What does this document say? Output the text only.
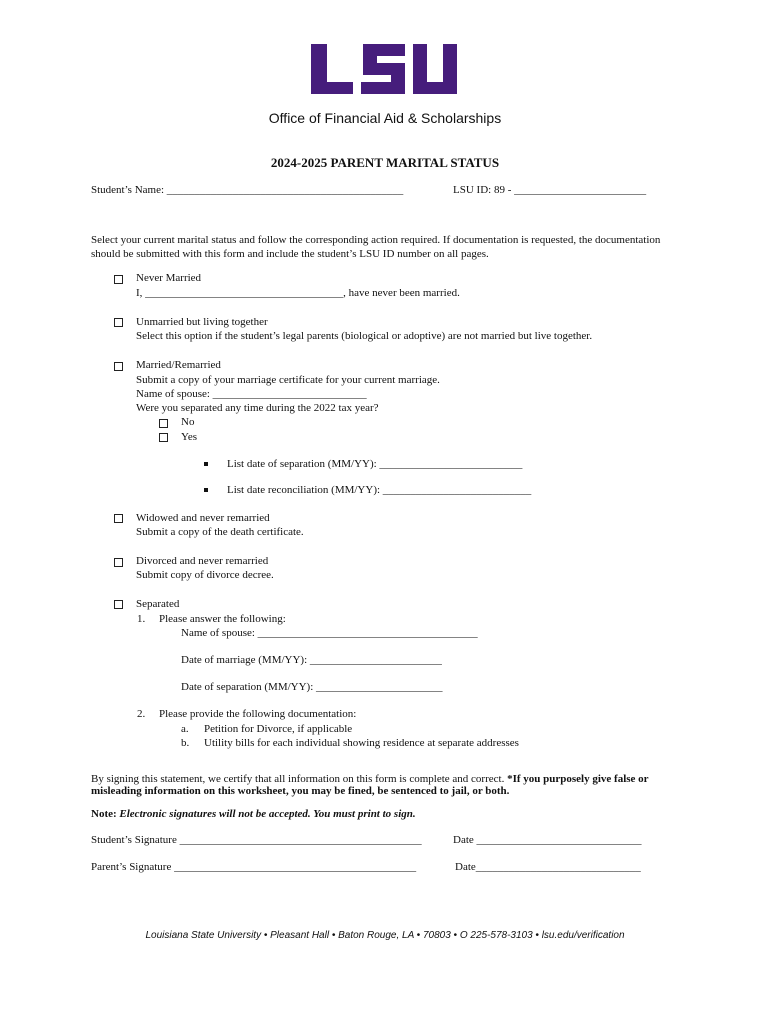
Office of Financial Aid & Scholarships
2024-2025 PARENT MARITAL STATUS
Student’s Name: ___________________________________________	LSU ID: 89 - ________________________
Select your current marital status and follow the corresponding action required. If documentation is requested, the documentation
should be submitted with this form and include the student’s LSU ID number on all pages.
Never Married
I, ____________________________________, have never been married.
Unmarried but living together
Select this option if the student’s legal parents (biological or adoptive) are not married but live together.
Married/Remarried
Submit a copy of your marriage certificate for your current marriage.
Name of spouse: ____________________________
Were you separated any time during the 2022 tax year?
No
Yes
List date of separation (MM/YY): __________________________
List date reconciliation (MM/YY): ___________________________
Widowed and never remarried
Submit a copy of the death certificate.
Divorced and never remarried
Submit copy of divorce decree.
Separated
1. Please answer the following:
Name of spouse: ________________________________________
Date of marriage (MM/YY): ________________________
Date of separation (MM/YY): _______________________
2. Please provide the following documentation:
a. Petition for Divorce, if applicable
b. Utility bills for each individual showing residence at separate addresses
By signing this statement, we certify that all information on this form is complete and correct. *If you purposely give false or
misleading information on this worksheet, you may be fined, be sentenced to jail, or both.
Note: Electronic signatures will not be accepted. You must print to sign.
Student’s Signature ____________________________________________	Date ______________________________
Parent’s Signature ____________________________________________	Date______________________________
Louisiana State University • Pleasant Hall • Baton Rouge, LA • 70803 • O 225-578-3103 • lsu.edu/verification
